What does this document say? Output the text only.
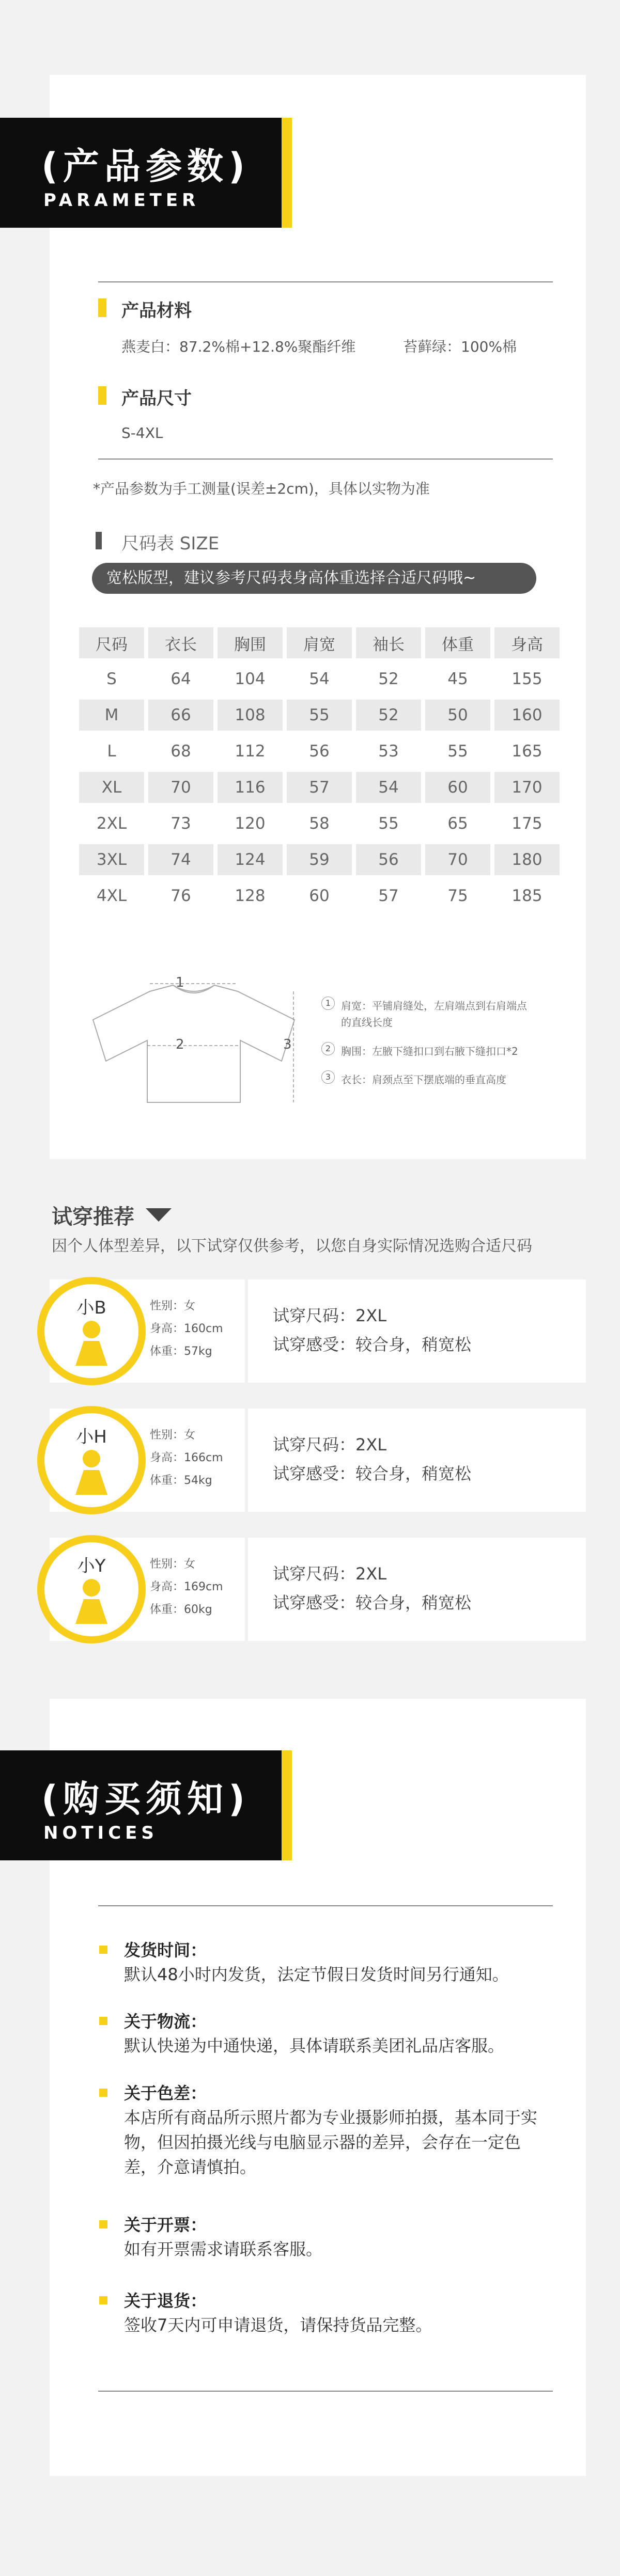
(产品参数)
PARAMETER
产品材料
燕麦白：87.2%棉+12.8%聚酯纤维	苔藓绿：100%棉
产品尺寸
S-4XL
*产品参数为手工测量(误差±2cm)，具体以实物为准
尺码表 SIZE
宽松版型，建议参考尺码表身高体重选择合适尺码哦~
尺码	衣长	胸围	肩宽	袖长	体重	身高
S	64	104	54	52	45	155
M	66	108	55	52	50	160
L	68	112	56	53	55	165
XL	70	116	57	54	60	170
2XL	73	120	58	55	65	175
3XL	74	124	59	56	70	180
4XL	76	128	60	57	75	185
1
2	3
1 肩宽：平铺肩缝处，左肩端点到右肩端点
的直线长度
2 胸围：左腋下缝扣口到右腋下缝扣口*2
3 衣长：肩颈点至下摆底端的垂直高度
试穿推荐
因个人体型差异，以下试穿仅供参考，以您自身实际情况选购合适尺码
小B	性别：女
身高：160cm
体重：57kg
试穿尺码：2XL
试穿感受：较合身，稍宽松
小H	性别：女
身高：166cm
体重：54kg
试穿尺码：2XL
试穿感受：较合身，稍宽松
小Y	性别：女
身高：169cm
体重：60kg
试穿尺码：2XL
试穿感受：较合身，稍宽松
(购买须知)
NOTICES
发货时间：
默认48小时内发货，法定节假日发货时间另行通知。
关于物流：
默认快递为中通快递，具体请联系美团礼品店客服。
关于色差：
本店所有商品所示照片都为专业摄影师拍摄，基本同于实物，但因拍摄光线与电脑显示器的差异，会存在一定色差，介意请慎拍。
关于开票：
如有开票需求请联系客服。
关于退货：
签收7天内可申请退货，请保持货品完整。
